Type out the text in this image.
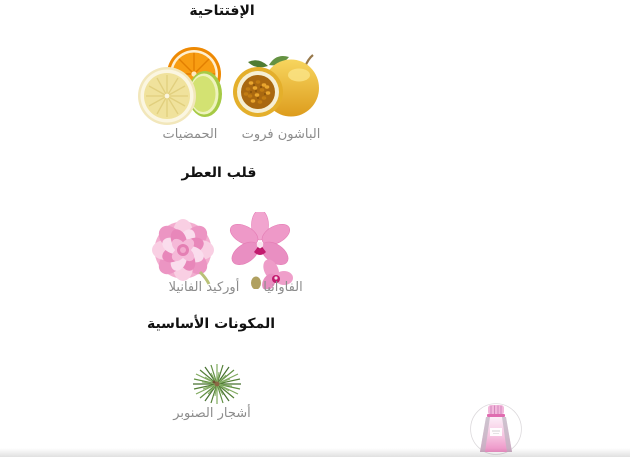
الإفتتاحية
الحمضيات	الباشون فروت
قلب العطر
أوركيد الفانيلا	الفاوانيا
المكونات الأساسية
أشجار الصنوبر
